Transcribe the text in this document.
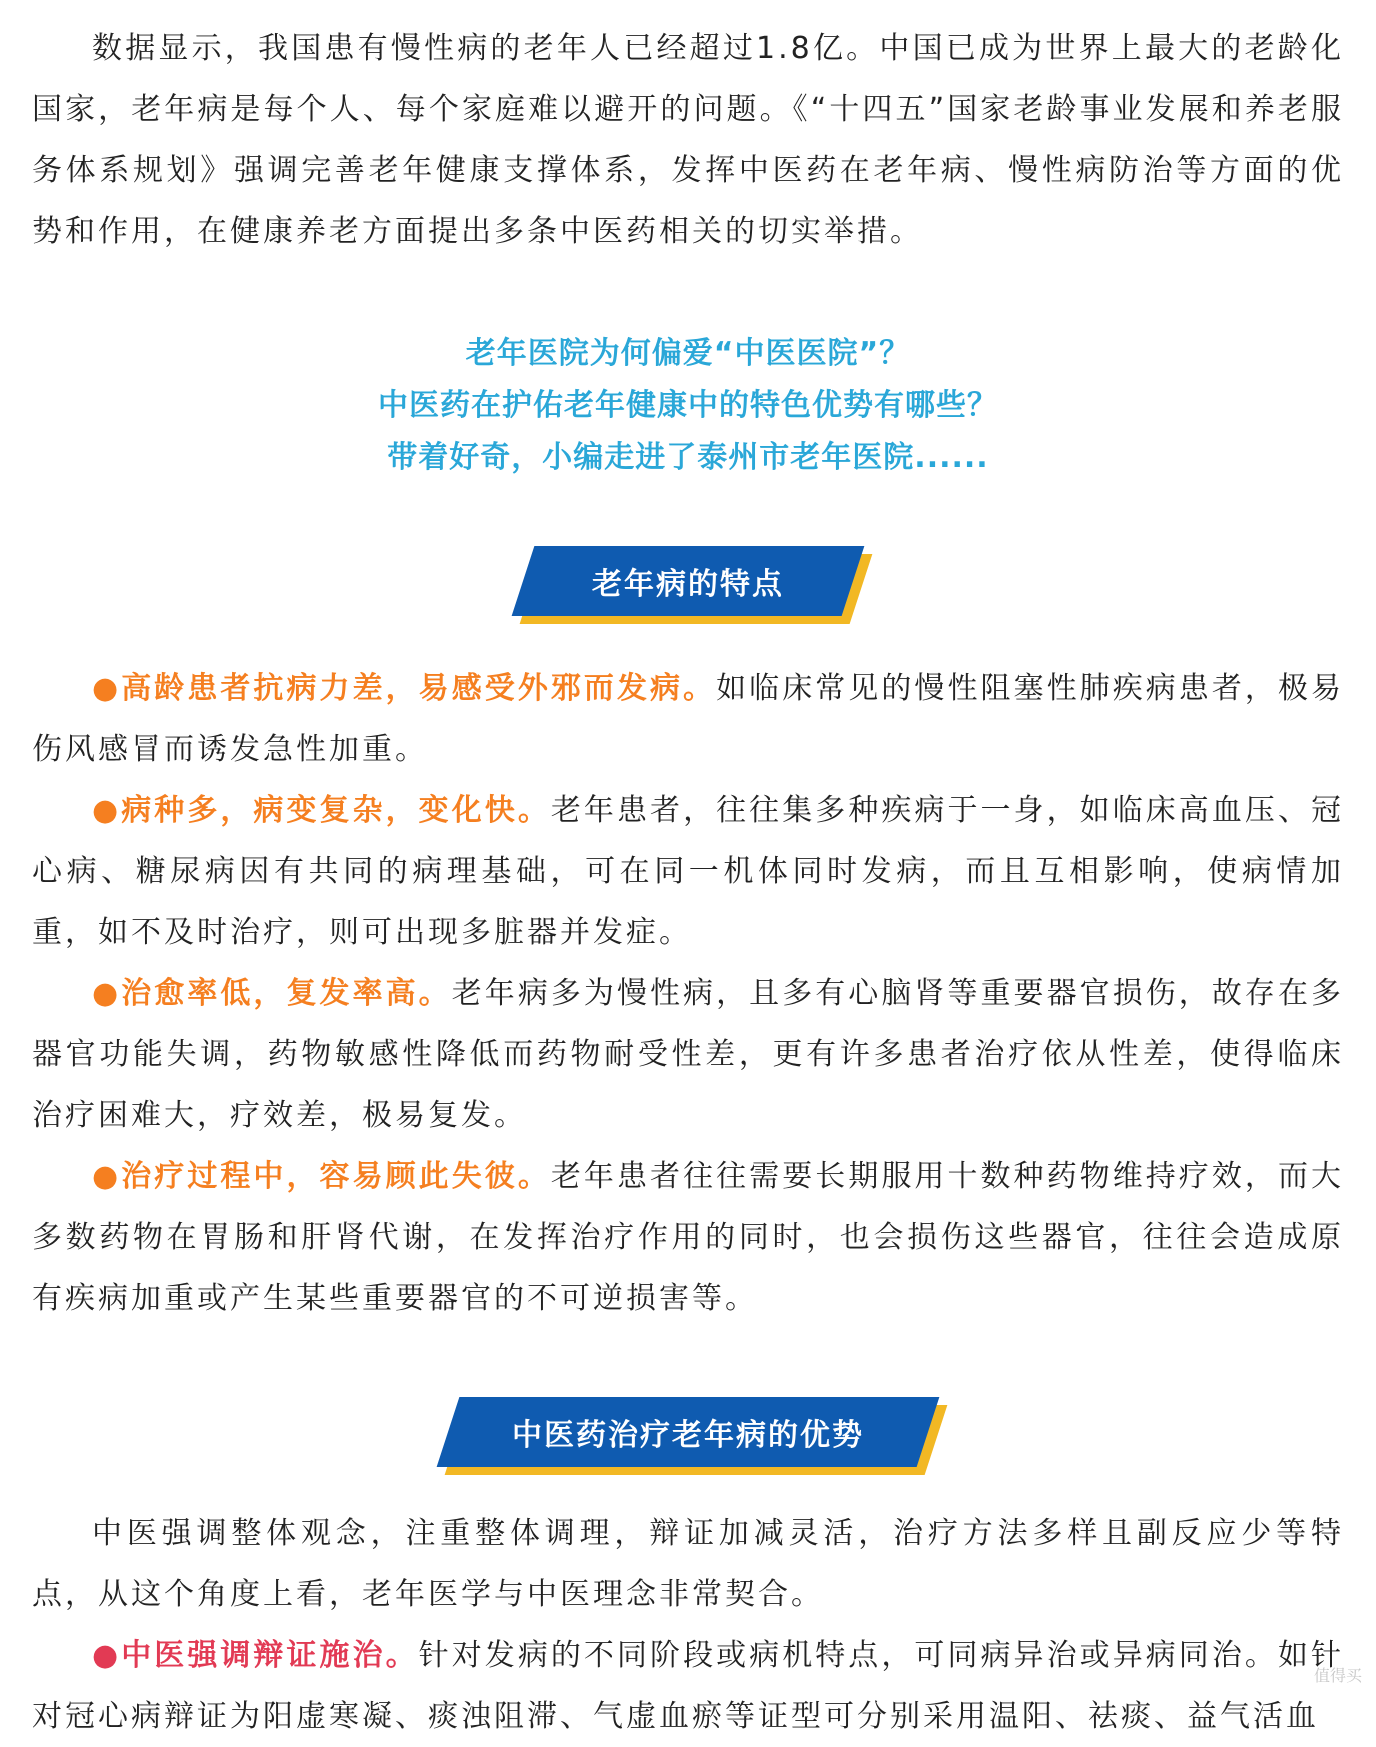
数据显示，我国患有慢性病的老年人已经超过1.8亿。中国已成为世界上最大的老龄化国家，老年病是每个人、每个家庭难以避开的问题。《“十四五”国家老龄事业发展和养老服务体系规划》强调完善老年健康支撑体系，发挥中医药在老年病、慢性病防治等方面的优势和作用，在健康养老方面提出多条中医药相关的切实举措。

老年医院为何偏爱“中医医院”？
中医药在护佑老年健康中的特色优势有哪些？
带着好奇，小编走进了泰州市老年医院......
老年病的特点

●高龄患者抗病力差，易感受外邪而发病。如临床常见的慢性阻塞性肺疾病患者，极易伤风感冒而诱发急性加重。

●病种多，病变复杂，变化快。老年患者，往往集多种疾病于一身，如临床高血压、冠心病、糖尿病因有共同的病理基础，可在同一机体同时发病，而且互相影响，使病情加重，如不及时治疗，则可出现多脏器并发症。

●治愈率低，复发率高。老年病多为慢性病，且多有心脑肾等重要器官损伤，故存在多器官功能失调，药物敏感性降低而药物耐受性差，更有许多患者治疗依从性差，使得临床治疗困难大，疗效差，极易复发。

●治疗过程中，容易顾此失彼。老年患者往往需要长期服用十数种药物维持疗效，而大多数药物在胃肠和肝肾代谢，在发挥治疗作用的同时，也会损伤这些器官，往往会造成原有疾病加重或产生某些重要器官的不可逆损害等。

中医药治疗老年病的优势

中医强调整体观念，注重整体调理，辩证加减灵活，治疗方法多样且副反应少等特点，从这个角度上看，老年医学与中医理念非常契合。

●中医强调辩证施治。针对发病的不同阶段或病机特点，可同病异治或异病同治。如针对冠心病辩证为阳虚寒凝、痰浊阻滞、气虚血瘀等证型可分别采用温阳、祛痰、益气活血

值得买
